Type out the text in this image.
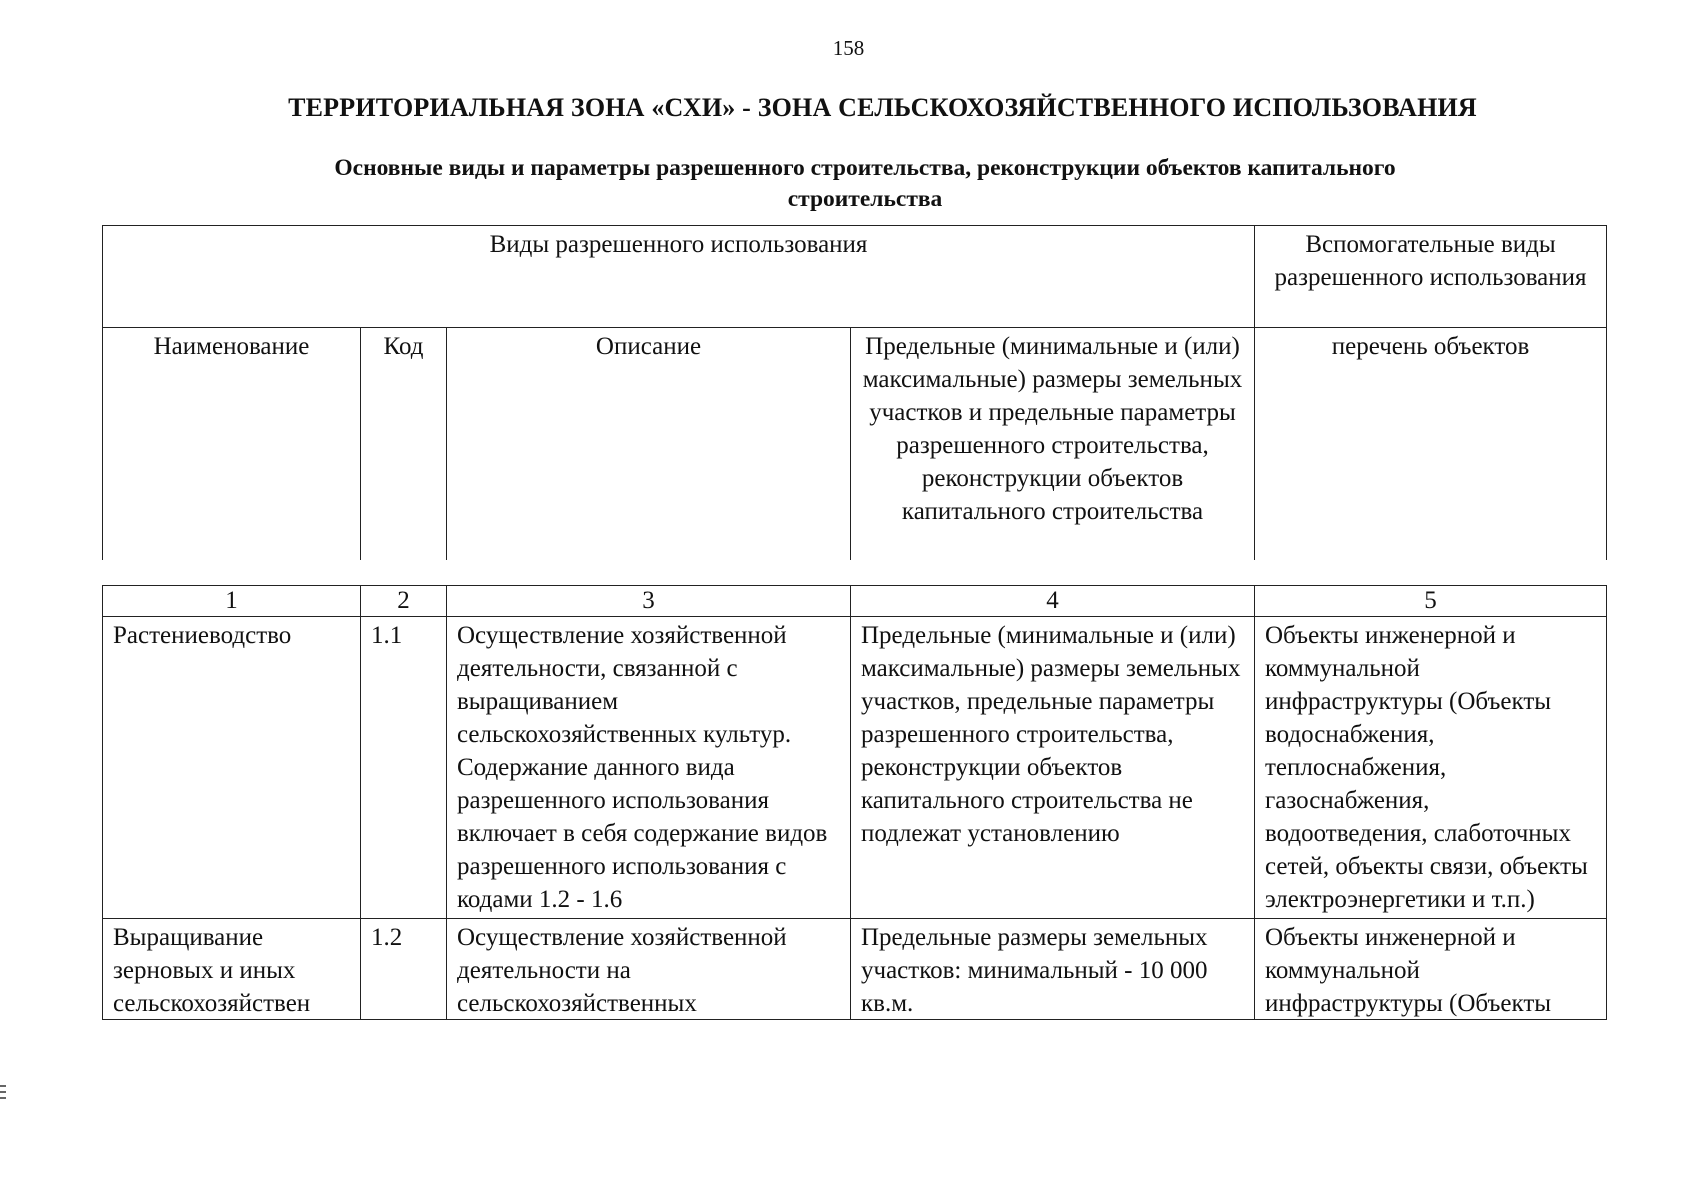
158
ТЕРРИТОРИАЛЬНАЯ ЗОНА «СХИ» - ЗОНА СЕЛЬСКОХОЗЯЙСТВЕННОГО ИСПОЛЬЗОВАНИЯ
Основные виды и параметры разрешенного строительства, реконструкции объектов капитального
строительства
Виды разрешенного использования				Вспомогательные виды разрешенного использования
Наименование	Код	Описание	Предельные (минимальные и (или) максимальные) размеры земельных участков и предельные параметры разрешенного строительства, реконструкции объектов капитального строительства	перечень объектов
1	2	3	4	5
Растениеводство	1.1	Осуществление хозяйственной деятельности, связанной с выращиванием сельскохозяйственных культур. Содержание данного вида разрешенного использования включает в себя содержание видов разрешенного использования с кодами 1.2 - 1.6	Предельные (минимальные и (или) максимальные) размеры земельных участков, предельные параметры разрешенного строительства, реконструкции объектов капитального строительства не подлежат установлению	Объекты инженерной и коммунальной инфраструктуры (Объекты водоснабжения, теплоснабжения, газоснабжения, водоотведения, слаботочных сетей, объекты связи, объекты электроэнергетики и т.п.)

Выращивание зерновых и иных сельскохозяйствен	1.2	Осуществление хозяйственной деятельности на сельскохозяйственных	Предельные размеры земельных участков: минимальный - 10 000 кв.м.	Объекты инженерной и коммунальной инфраструктуры (Объекты
